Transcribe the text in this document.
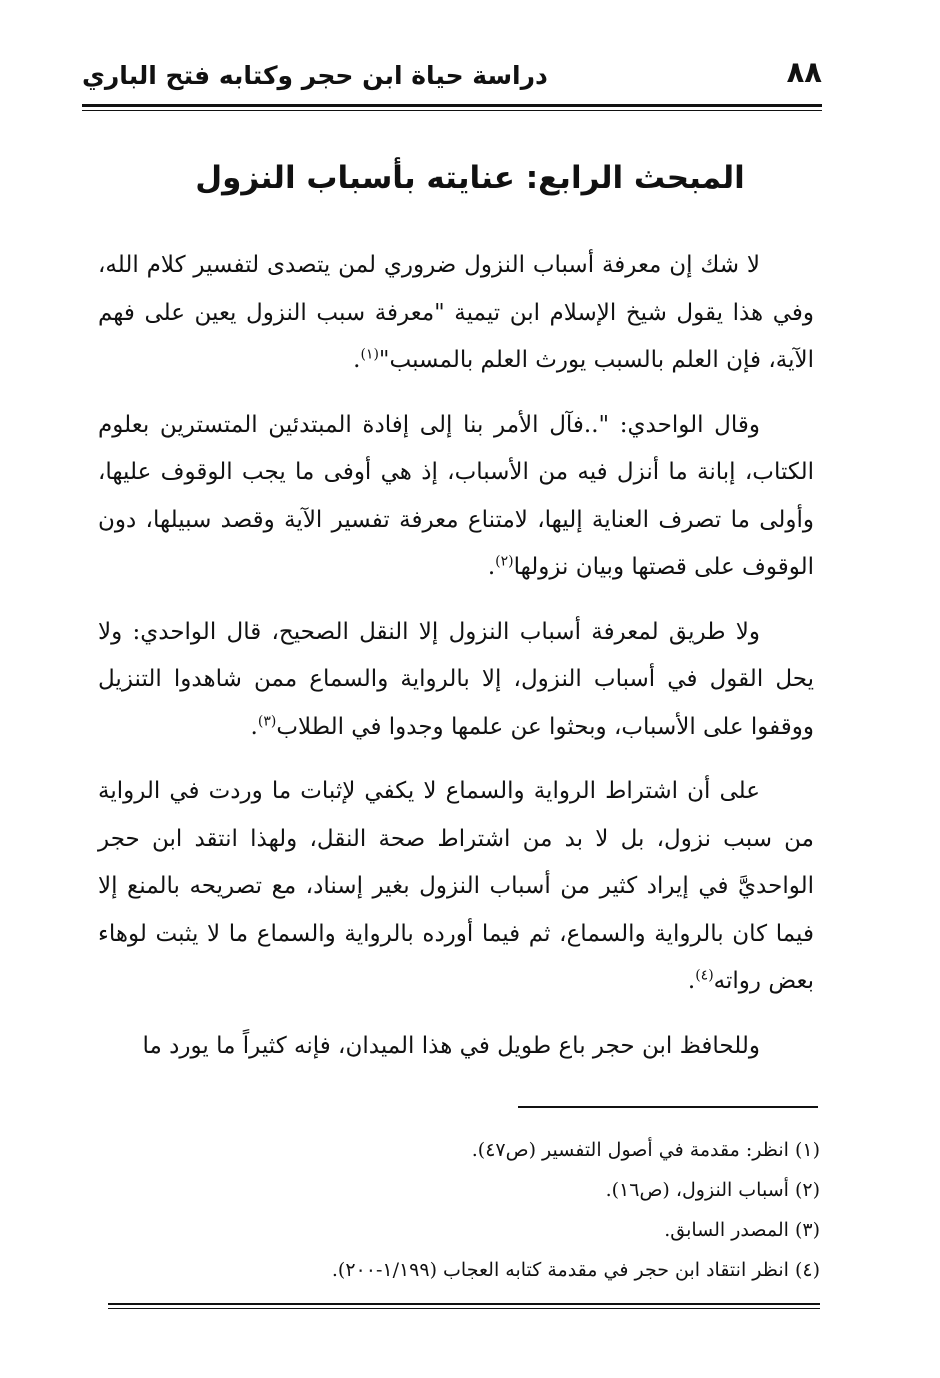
٨٨
دراسة حياة ابن حجر وكتابه فتح الباري
المبحث الرابع: عنايته بأسباب النزول

لا شك إن معرفة أسباب النزول ضروري لمن يتصدى لتفسير كلام الله، وفي هذا يقول شيخ الإسلام ابن تيمية "معرفة سبب النزول يعين على فهم الآية، فإن العلم بالسبب يورث العلم بالمسبب"$^{(١)}$.

وقال الواحدي: "..فآل الأمر بنا إلى إفادة المبتدئين المتسترين بعلوم الكتاب، إبانة ما أنزل فيه من الأسباب، إذ هي أوفى ما يجب الوقوف عليها، وأولى ما تصرف العناية إليها، لامتناع معرفة تفسير الآية وقصد سبيلها، دون الوقوف على قصتها وبيان نزولها$^{(٢)}$.

ولا طريق لمعرفة أسباب النزول إلا النقل الصحيح، قال الواحدي: ولا يحل القول في أسباب النزول، إلا بالرواية والسماع ممن شاهدوا التنزيل ووقفوا على الأسباب، وبحثوا عن علمها وجدوا في الطلاب$^{(٣)}$.

على أن اشتراط الرواية والسماع لا يكفي لإثبات ما وردت في الرواية من سبب نزول، بل لا بد من اشتراط صحة النقل، ولهذا انتقد ابن حجر الواحديَّ في إيراد كثير من أسباب النزول بغير إسناد، مع تصريحه بالمنع إلا فيما كان بالرواية والسماع، ثم فيما أورده بالرواية والسماع ما لا يثبت لوهاء بعض رواته$^{(٤)}$.

وللحافظ ابن حجر باع طويل في هذا الميدان، فإنه كثيراً ما يورد ما

(١) انظر: مقدمة في أصول التفسير (ص٤٧).
(٢) أسباب النزول، (ص١٦).
(٣) المصدر السابق.
(٤) انظر انتقاد ابن حجر في مقدمة كتابه العجاب (١/١٩٩-٢٠٠).
